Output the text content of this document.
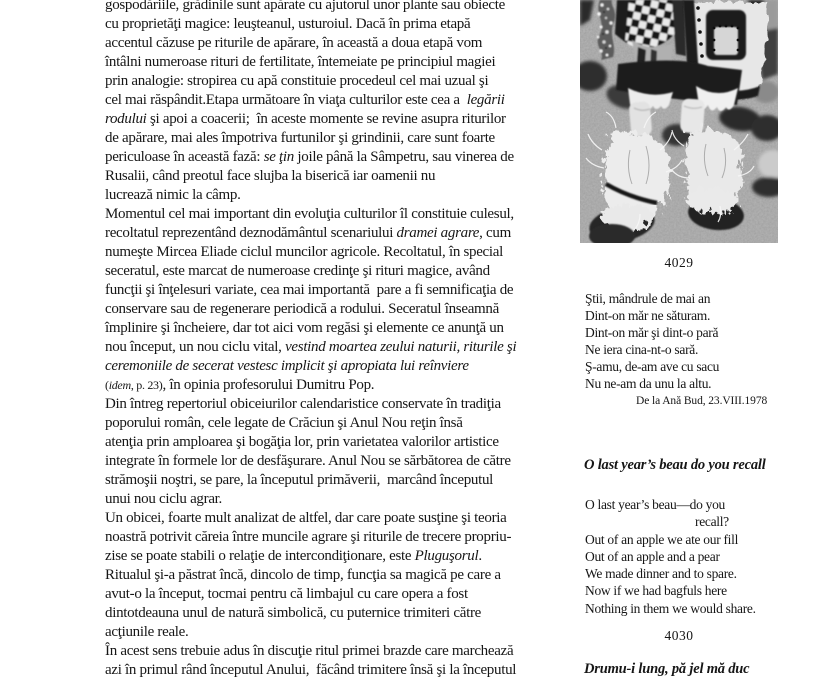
gospodăriile, grădinile sunt apărate cu ajutorul unor plante sau obiecte
cu proprietăţi magice: leuşteanul, usturoiul. Dacă în prima etapă
accentul căzuse pe riturile de apărare, în această a doua etapă vom
întâlni numeroase rituri de fertilitate, întemeiate pe principiul magiei
prin analogie: stropirea cu apă constituie procedeul cel mai uzual şi
cel mai răspândit.Etapa următoare în viaţa culturilor este cea a  legării
rodului şi apoi a coacerii;  în aceste momente se revine asupra riturilor
de apărare, mai ales împotriva furtunilor şi grindinii, care sunt foarte
periculoase în această fază: se ţin joile până la Sâmpetru, sau vinerea de
Rusalii, când preotul face slujba la biserică iar oamenii nu
lucrează nimic la câmp.
Momentul cel mai important din evoluţia culturilor îl constituie culesul,
recoltatul reprezentând deznodământul scenariului dramei agrare, cum
numeşte Mircea Eliade ciclul muncilor agricole. Recoltatul, în special
seceratul, este marcat de numeroase credinţe şi rituri magice, având
funcţii şi înţelesuri variate, cea mai importantă  pare a fi semnificaţia de
conservare sau de regenerare periodică a rodului. Seceratul înseamnă
împlinire şi încheiere, dar tot aici vom regăsi şi elemente ce anunţă un
nou început, un nou ciclu vital, vestind moartea zeului naturii, riturile şi
ceremoniile de secerat vestesc implicit şi apropiata lui reînviere
(idem, p. 23), în opinia profesorului Dumitru Pop.
Din întreg repertoriul obiceiurilor calendaristice conservate în tradiţia
poporului român, cele legate de Crăciun şi Anul Nou reţin însă
atenţia prin amploarea şi bogăţia lor, prin varietatea valorilor artistice
integrate în formele lor de desfăşurare. Anul Nou se sărbătorea de către
strămoşii noştri, se pare, la începutul primăverii,  marcând începutul
unui nou ciclu agrar.
Un obicei, foarte mult analizat de altfel, dar care poate susţine şi teoria
noastră potrivit căreia între muncile agrare şi riturile de trecere propriu-
zise se poate stabili o relaţie de intercondiţionare, este Pluguşorul.
Ritualul şi-a păstrat încă, dincolo de timp, funcţia sa magică pe care a
avut-o la început, tocmai pentru că limbajul cu care opera a fost
dintotdeauna unul de natură simbolică, cu puternice trimiteri către
acţiunile reale.
În acest sens trebuie adus în discuţie ritul primei brazde care marchează
azi în primul rând începutul Anului,  făcând trimitere însă şi la începutul
4029
Ştii, mândrule de mai an
Dint-on măr ne săturam.
Dint-on măr şi dint-o pară
Ne iera cina-nt-o sară.
Ş-amu, de-am ave cu sacu
Nu ne-am da unu la altu.
De la Ană Bud, 23.VIII.1978
O last year’s beau do you recall
O last year’s beau—do you
recall?
Out of an apple we ate our fill
Out of an apple and a pear
We made dinner and to spare.
Now if we had bagfuls here
Nothing in them we would share.
4030
Drumu-i lung, pă jel mă duc
